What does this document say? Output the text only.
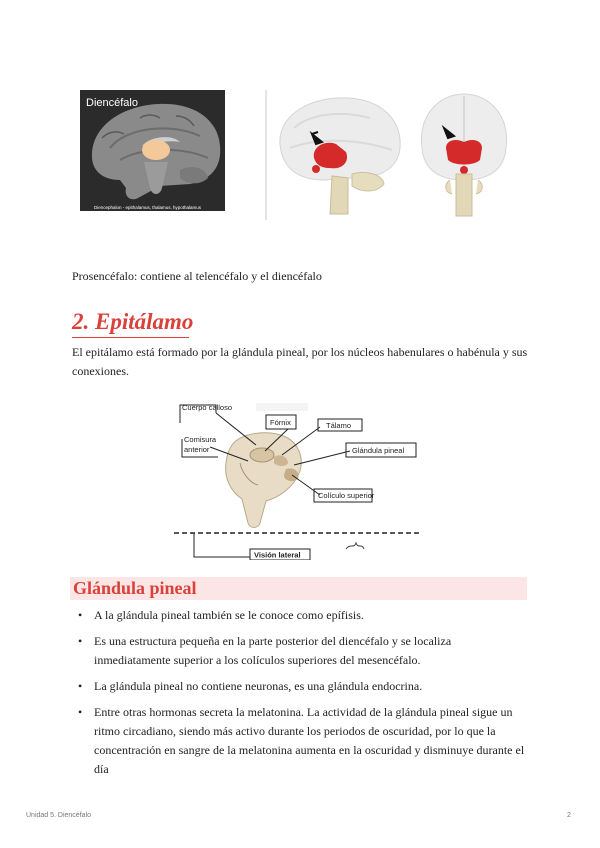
Diencéfalo
Diencephalon - epithalamus, thalamus, hypothalamus
Prosencéfalo: contiene al telencéfalo y el diencéfalo
2. Epitálamo
El epitálamo está formado por la glándula pineal, por los núcleos habenulares o habénula y sus conexiones.
Cuerpo calloso
Fórnix	Tálamo
Comisura
anterior	Glándula pineal
Colículo superior
Visión lateral
Glándula pineal
• A la glándula pineal también se le conoce como epífisis.
• Es una estructura pequeña en la parte posterior del diencéfalo y se localiza inmediatamente superior a los colículos superiores del mesencéfalo.
• La glándula pineal no contiene neuronas, es una glándula endocrina.
• Entre otras hormonas secreta la melatonina. La actividad de la glándula pineal sigue un ritmo circadiano, siendo más activo durante los periodos de oscuridad, por lo que la concentración en sangre de la melatonina aumenta en la oscuridad y disminuye durante el día
Unidad 5. Diencéfalo	2
